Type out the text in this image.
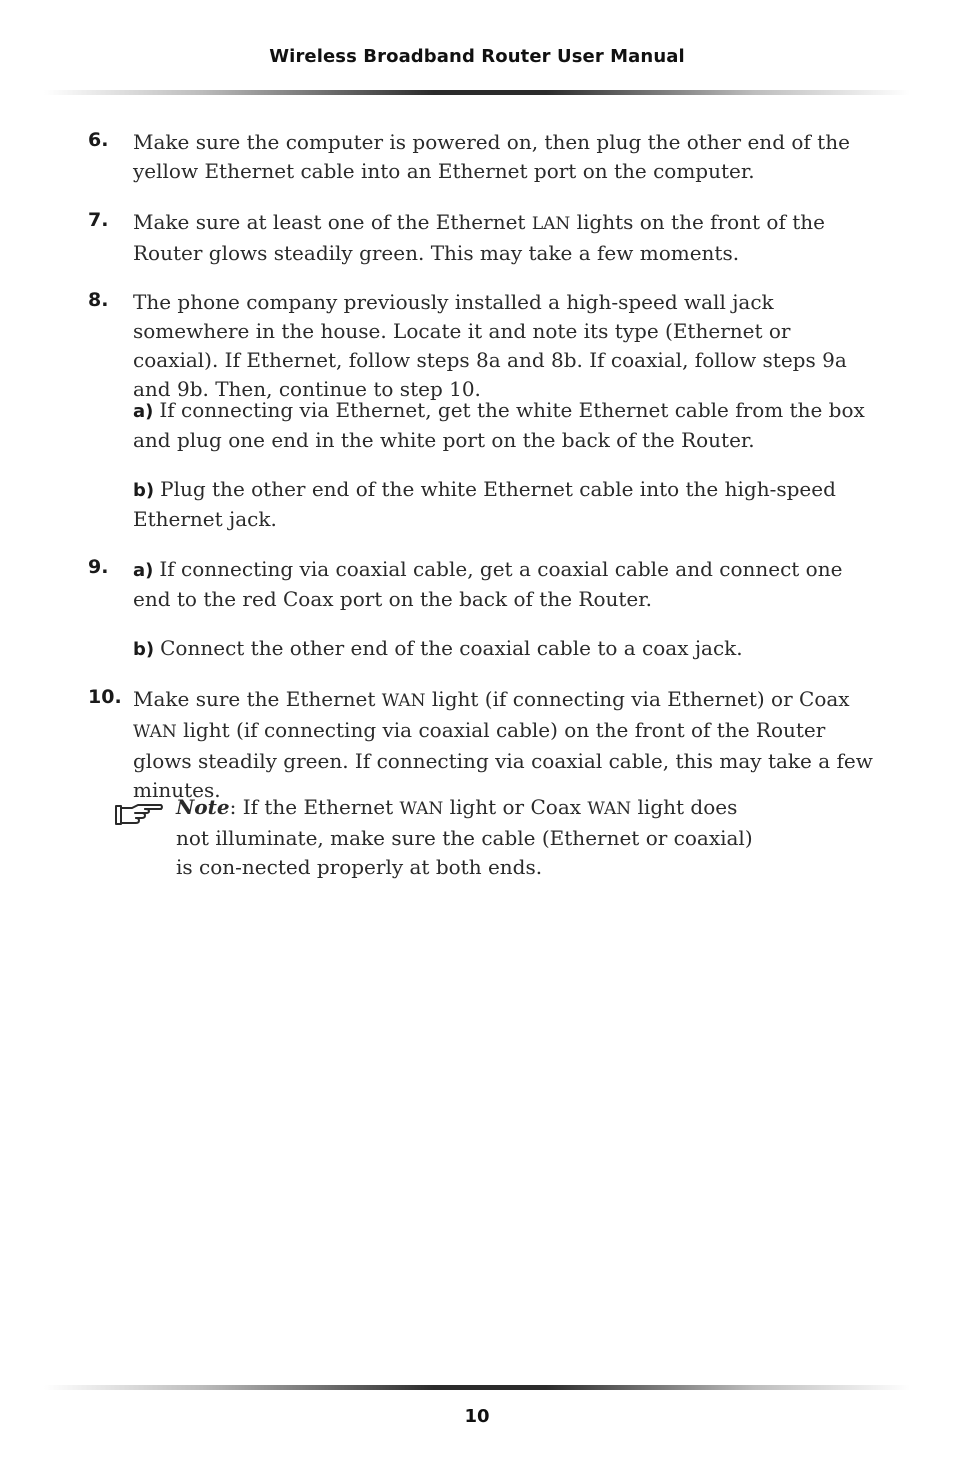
Wireless Broadband Router User Manual
6. Make sure the computer is powered on, then plug the other end of the yellow Ethernet cable into an Ethernet port on the computer.
7. Make sure at least one of the Ethernet LAN lights on the front of the Router glows steadily green. This may take a few moments.
8. The phone company previously installed a high-speed wall jack somewhere in the house. Locate it and note its type (Ethernet or coaxial). If Ethernet, follow steps 8a and 8b. If coaxial, follow steps 9a and 9b. Then, continue to step 10.
a) If connecting via Ethernet, get the white Ethernet cable from the box and plug one end in the white port on the back of the Router.
b) Plug the other end of the white Ethernet cable into the high-speed Ethernet jack.
9. a) If connecting via coaxial cable, get a coaxial cable and connect one end to the red Coax port on the back of the Router.
b) Connect the other end of the coaxial cable to a coax jack.
10. Make sure the Ethernet WAN light (if connecting via Ethernet) or Coax WAN light (if connecting via coaxial cable) on the front of the Router glows steadily green. If connecting via coaxial cable, this may take a few minutes.
Note: If the Ethernet WAN light or Coax WAN light does not illuminate, make sure the cable (Ethernet or coaxial) is con-nected properly at both ends.
10
